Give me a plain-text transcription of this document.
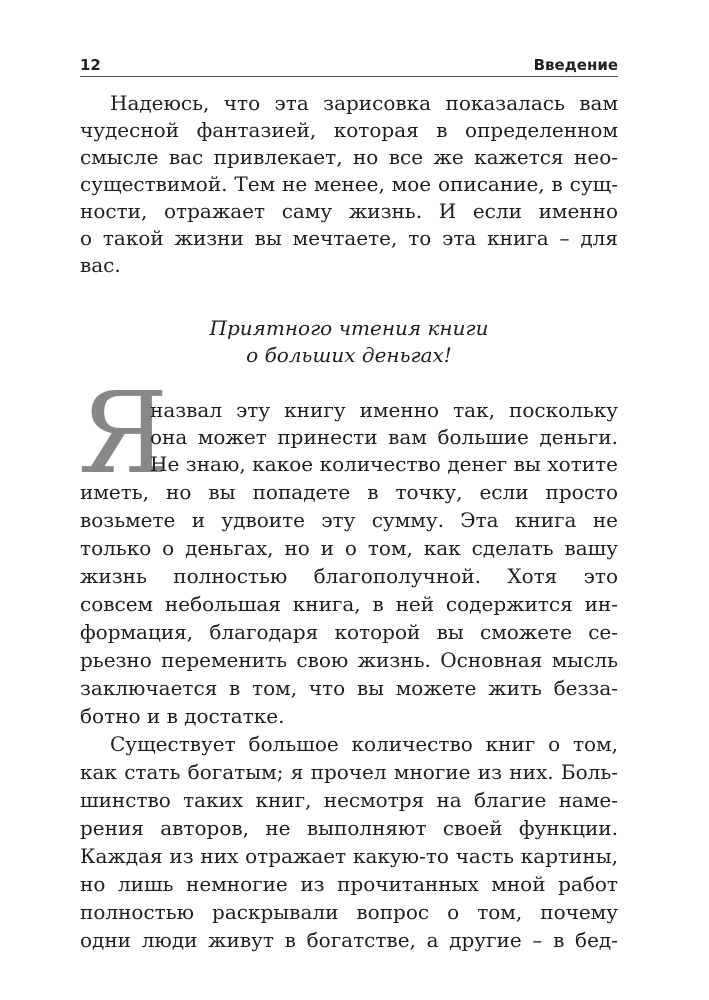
12	Введение
Надеюсь, что эта зарисовка показалась вам
чудесной фантазией, которая в определенном
смысле вас привлекает, но все же кажется нео-
существимой. Тем не менее, мое описание, в сущ-
ности, отражает саму жизнь. И если именно
о такой жизни вы мечтаете, то эта книга – для
вас.
Приятного чтения книги
о больших деньгах!
Я
назвал эту книгу именно так, поскольку
она может принести вам большие деньги.
Не знаю, какое количество денег вы хотите
иметь, но вы попадете в точку, если просто
возьмете и удвоите эту сумму. Эта книга не
только о деньгах, но и о том, как сделать вашу
жизнь полностью благополучной. Хотя это
совсем небольшая книга, в ней содержится ин-
формация, благодаря которой вы сможете се-
рьезно переменить свою жизнь. Основная мысль
заключается в том, что вы можете жить безза-
ботно и в достатке.
Существует большое количество книг о том,
как стать богатым; я прочел многие из них. Боль-
шинство таких книг, несмотря на благие наме-
рения авторов, не выполняют своей функции.
Каждая из них отражает какую-то часть картины,
но лишь немногие из прочитанных мной работ
полностью раскрывали вопрос о том, почему
одни люди живут в богатстве, а другие – в бед-
